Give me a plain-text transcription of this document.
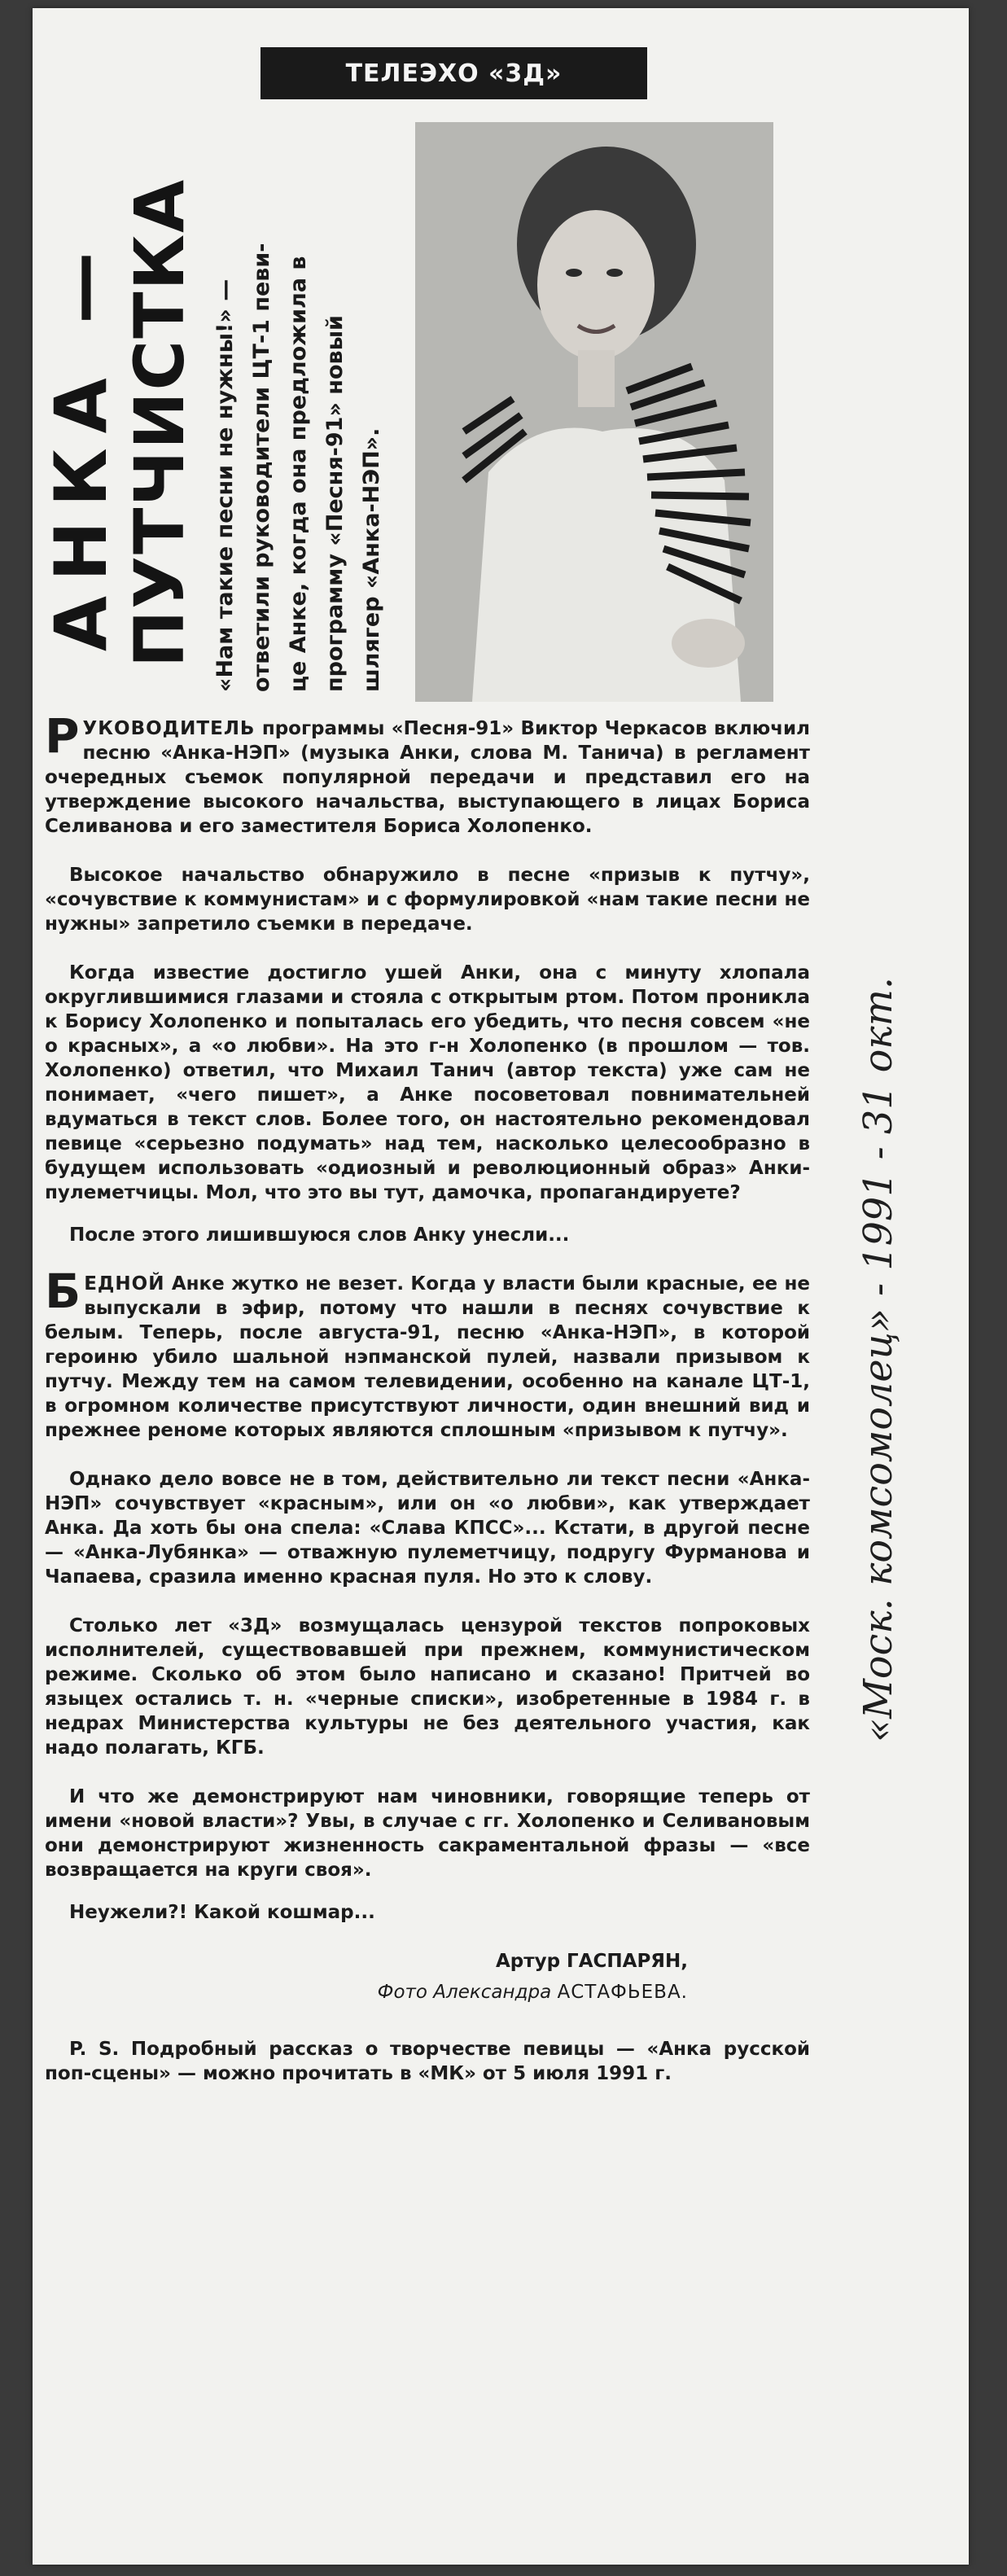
ТЕЛЕЭХО «3Д»
АНКА —
ПУТЧИСТКА «Нам такие песни не нужны!» — ответили руководители ЦТ-1 певи- це Анке, когда она предложила в программу «Песня-91» новый шлягер «Анка-НЭП».

РУКОВОДИТЕЛЬ программы «Песня-91» Виктор Черкасов включил песню «Анка-НЭП» (музыка Анки, слова М. Танича) в регламент очередных съемок популярной передачи и представил его на утверждение высокого начальства, выступающего в лицах Бориса Селиванова и его заместителя Бориса Холопенко.

Высокое начальство обнаружило в песне «призыв к путчу», «сочувствие к коммунистам» и с формулировкой «нам такие песни не нужны» запретило съемки в передаче.

Когда известие достигло ушей Анки, она с минуту хлопала округлившимися глазами и стояла с открытым ртом. Потом проникла к Борису Холопенко и попыталась его убедить, что песня совсем «не о красных», а «о любви». На это г-н Холопенко (в прошлом — тов. Холопенко) ответил, что Михаил Танич (автор текста) уже сам не понимает, «чего пишет», а Анке посоветовал повнимательней вдуматься в текст слов. Более того, он настоятельно рекомендовал певице «серьезно подумать» над тем, насколько целесообразно в будущем использовать «одиозный и революционный образ» Анки-пулеметчицы. Мол, что это вы тут, дамочка, пропагандируете?

После этого лишившуюся слов Анку унесли...

БЕДНОЙ Анке жутко не везет. Когда у власти были красные, ее не выпускали в эфир, потому что нашли в песнях сочувствие к белым. Теперь, после августа-91, песню «Анка-НЭП», в которой героиню убило шальной нэпманской пулей, назвали призывом к путчу. Между тем на самом телевидении, особенно на канале ЦТ-1, в огромном количестве присутствуют личности, один внешний вид и прежнее реноме которых являются сплошным «призывом к путчу».

Однако дело вовсе не в том, действительно ли текст песни «Анка-НЭП» сочувствует «красным», или он «о любви», как утверждает Анка. Да хоть бы она спела: «Слава КПСС»... Кстати, в другой песне — «Анка-Лубянка» — отважную пулеметчицу, подругу Фурманова и Чапаева, сразила именно красная пуля. Но это к слову.

Столько лет «3Д» возмущалась цензурой текстов попроковых исполнителей, существовавшей при прежнем, коммунистическом режиме. Сколько об этом было написано и сказано! Притчей во языцех остались т. н. «черные списки», изобретенные в 1984 г. в недрах Министерства культуры не без деятельного участия, как надо полагать, КГБ.

И что же демонстрируют нам чиновники, говорящие теперь от имени «новой власти»? Увы, в случае с гг. Холопенко и Селивановым они демонстрируют жизненность сакраментальной фразы — «все возвращается на круги своя».

Неужели?! Какой кошмар...

Артур ГАСПАРЯН,
Фото Александра АСТАФЬЕВА.

P. S. Подробный рассказ о творчестве певицы — «Анка русской поп-сцены» — можно прочитать в «МК» от 5 июля 1991 г.

«Моск. комсомолец» - 1991 - 31 окт.
